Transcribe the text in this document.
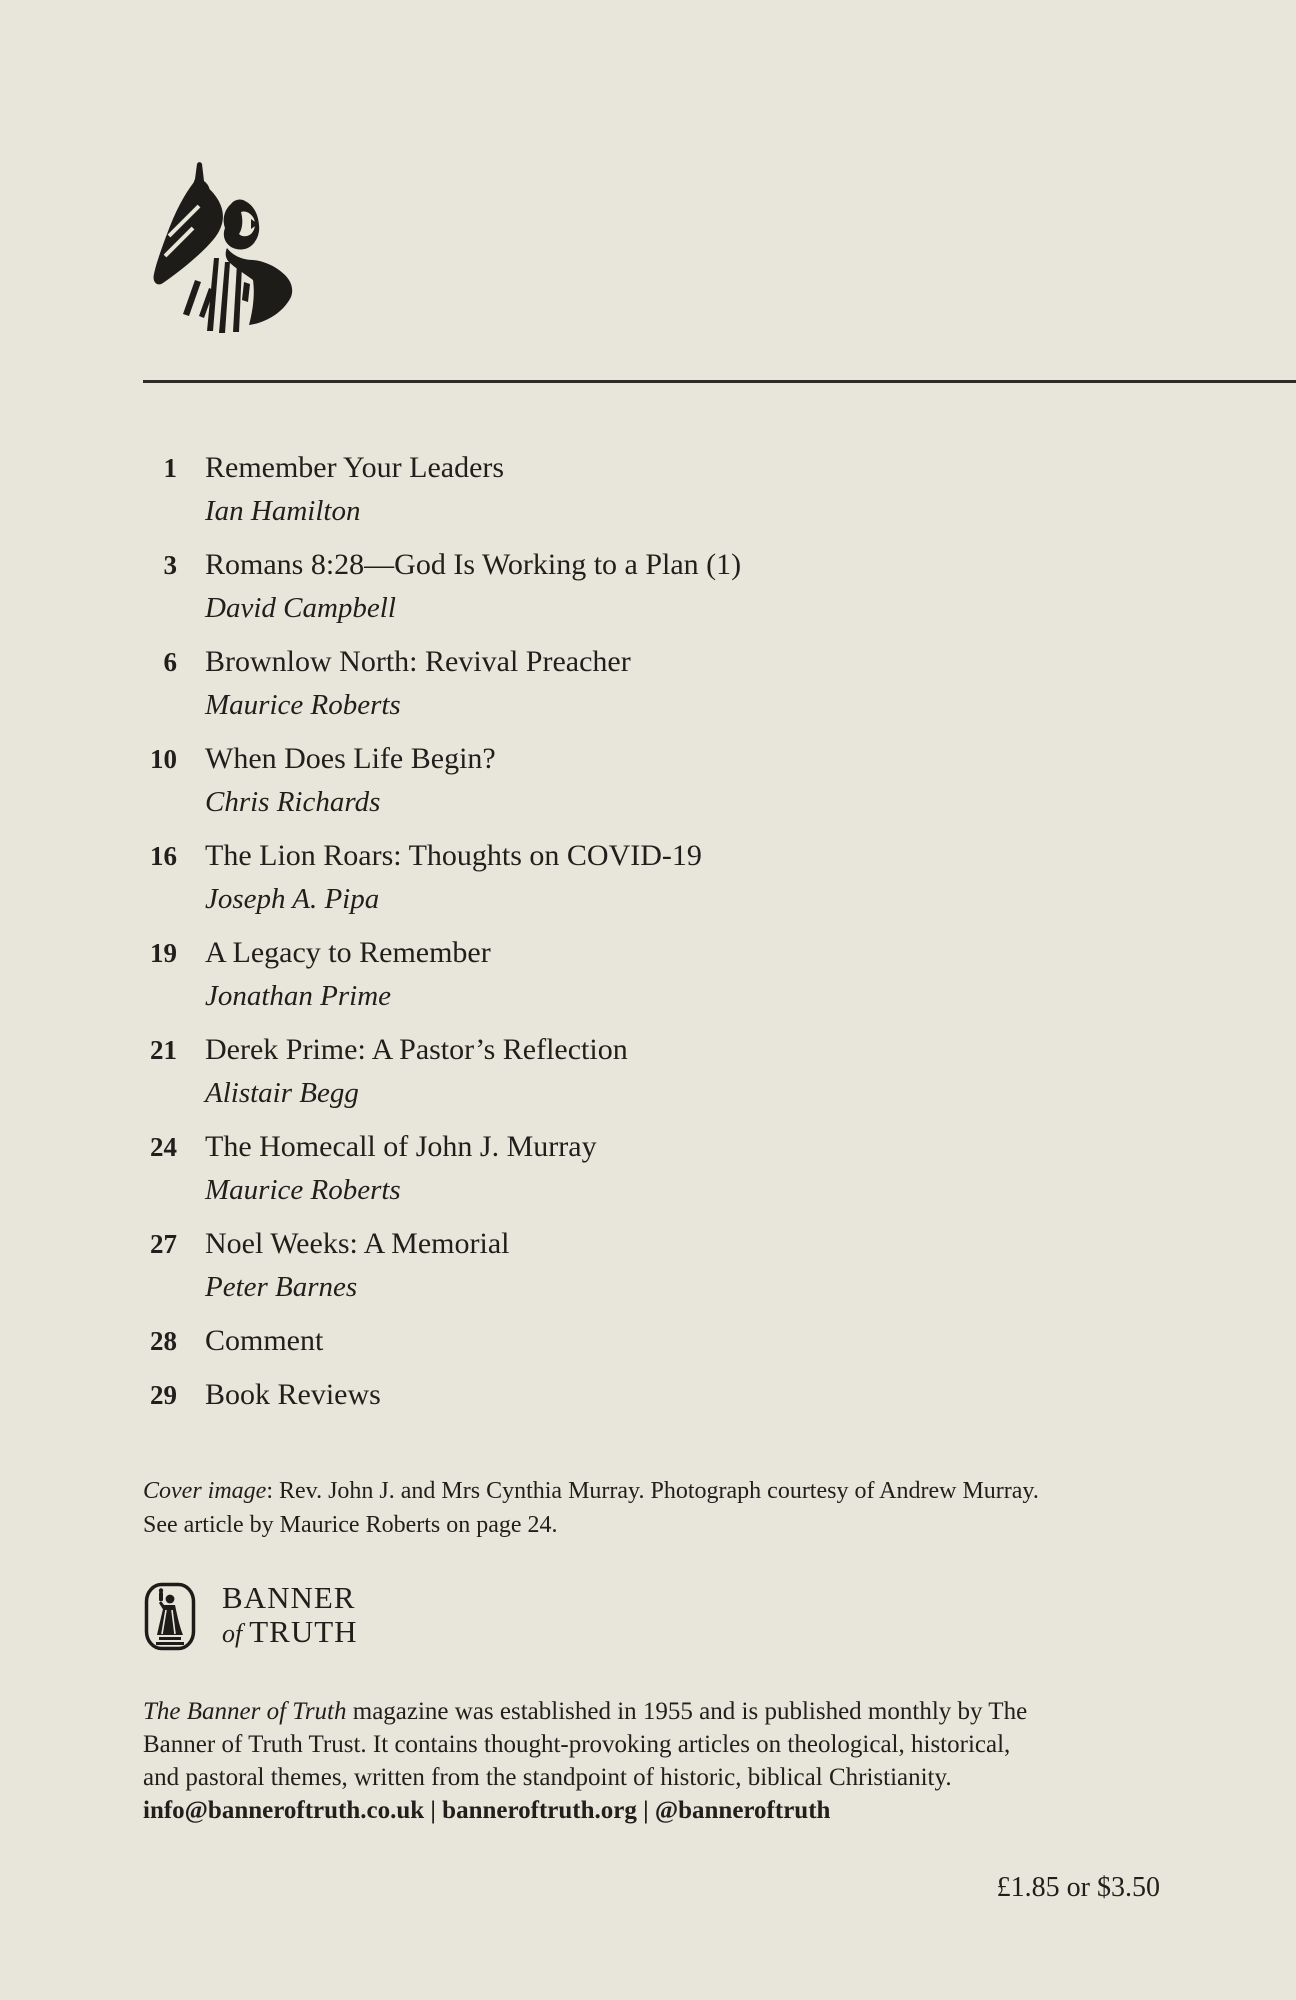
1 Remember Your Leaders
Ian Hamilton
3 Romans 8:28—God Is Working to a Plan (1)
David Campbell
6 Brownlow North: Revival Preacher
Maurice Roberts
10 When Does Life Begin?
Chris Richards
16 The Lion Roars: Thoughts on COVID-19
Joseph A. Pipa
19 A Legacy to Remember
Jonathan Prime
21 Derek Prime: A Pastor’s Reflection
Alistair Begg
24 The Homecall of John J. Murray
Maurice Roberts
27 Noel Weeks: A Memorial
Peter Barnes
28 Comment
29 Book Reviews
Cover image: Rev. John J. and Mrs Cynthia Murray. Photograph courtesy of Andrew Murray.
See article by Maurice Roberts on page 24.
BANNER
of TRUTH

The Banner of Truth magazine was established in 1955 and is published monthly by The Banner of Truth Trust. It contains thought-provoking articles on theological, historical, and pastoral themes, written from the standpoint of historic, biblical Christianity.

info@banneroftruth.co.uk | banneroftruth.org | @banneroftruth
£1.85 or $3.50
